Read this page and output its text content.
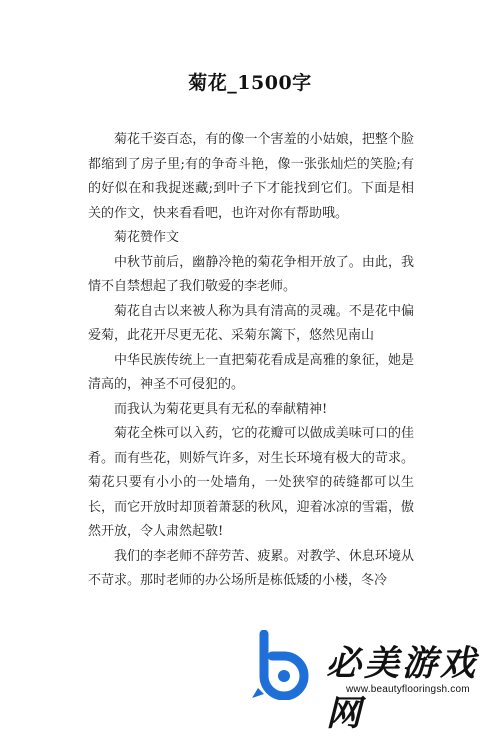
菊花_1500字

菊花千姿百态，有的像一个害羞的小姑娘，把整个脸都缩到了房子里;有的争奇斗艳，像一张张灿烂的笑脸;有的好似在和我捉迷藏;到叶子下才能找到它们。下面是相关的作文，快来看看吧，也许对你有帮助哦。

菊花赞作文

中秋节前后，幽静冷艳的菊花争相开放了。由此，我情不自禁想起了我们敬爱的李老师。

菊花自古以来被人称为具有清高的灵魂。不是花中偏爱菊，此花开尽更无花、采菊东篱下，悠然见南山

中华民族传统上一直把菊花看成是高雅的象征，她是清高的，神圣不可侵犯的。

而我认为菊花更具有无私的奉献精神!

菊花全株可以入药，它的花瓣可以做成美味可口的佳肴。而有些花，则娇气许多，对生长环境有极大的苛求。菊花只要有小小的一处墙角，一处狭窄的砖缝都可以生长，而它开放时却顶着萧瑟的秋风，迎着冰凉的雪霜，傲然开放，令人肃然起敬!

我们的李老师不辞劳苦、疲累。对教学、休息环境从不苛求。那时老师的办公场所是栋低矮的小楼，冬冷

必美游戏网
www.beautyflooringsh.com
